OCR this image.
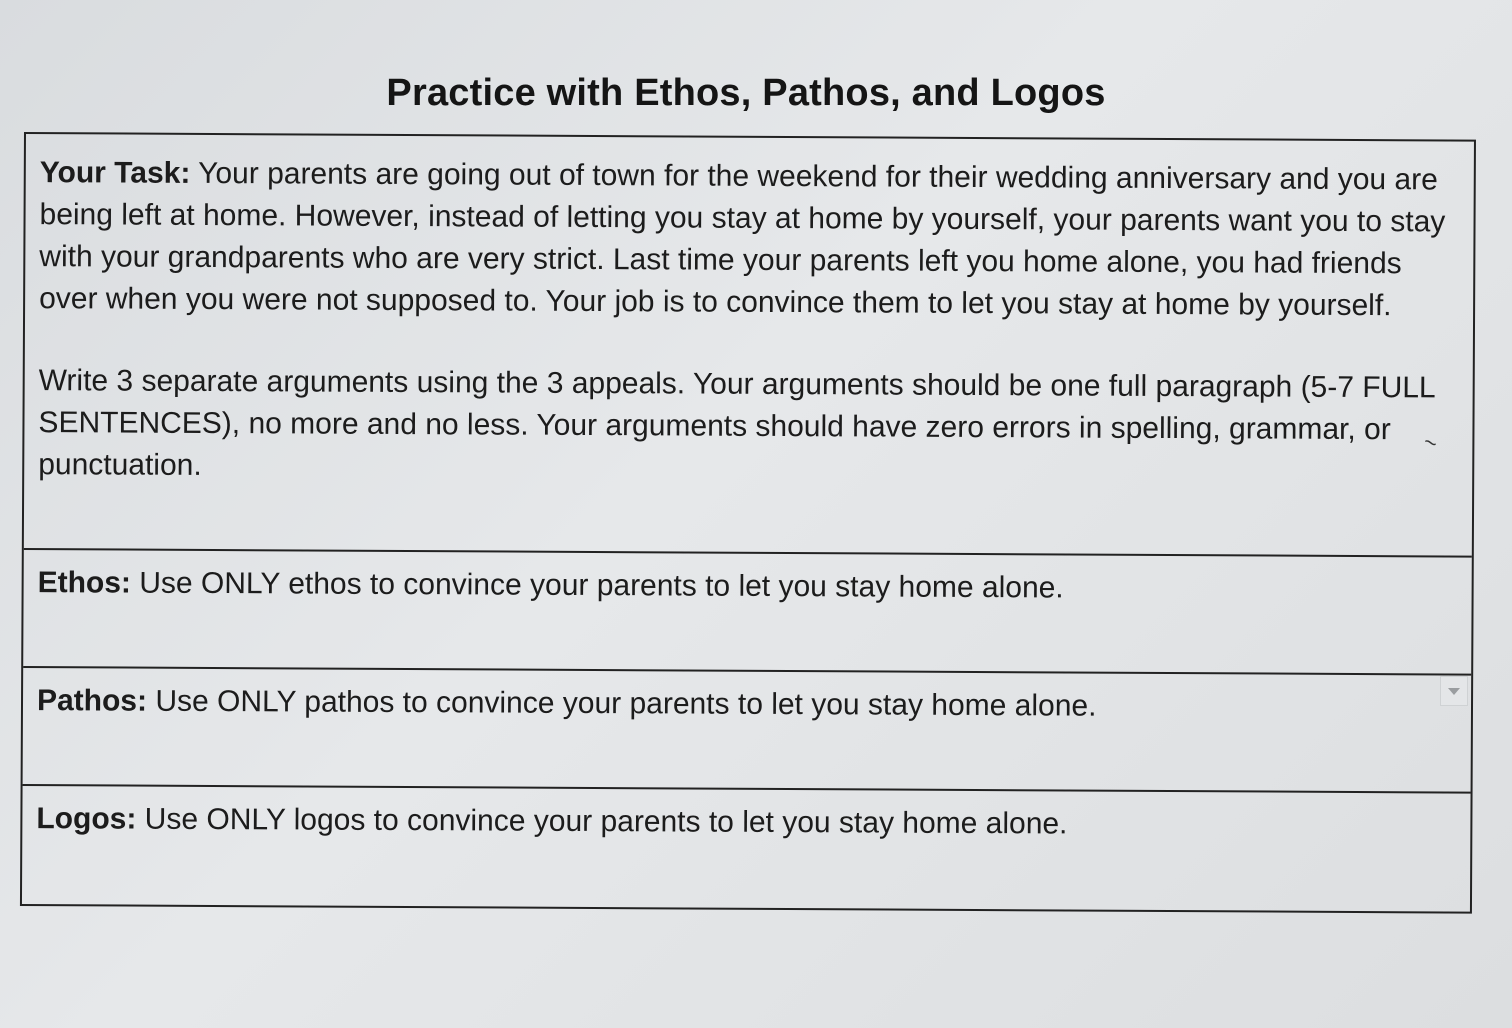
Practice with Ethos, Pathos, and Logos

Your Task: Your parents are going out of town for the weekend for their wedding anniversary and you are being left at home. However, instead of letting you stay at home by yourself, your parents want you to stay with your grandparents who are very strict. Last time your parents left you home alone, you had friends over when you were not supposed to. Your job is to convince them to let you stay at home by yourself.

Write 3 separate arguments using the 3 appeals. Your arguments should be one full paragraph (5-7 FULL SENTENCES), no more and no less. Your arguments should have zero errors in spelling, grammar, or punctuation.

Ethos: Use ONLY ethos to convince your parents to let you stay home alone.

Pathos: Use ONLY pathos to convince your parents to let you stay home alone.

Logos: Use ONLY logos to convince your parents to let you stay home alone.

~
